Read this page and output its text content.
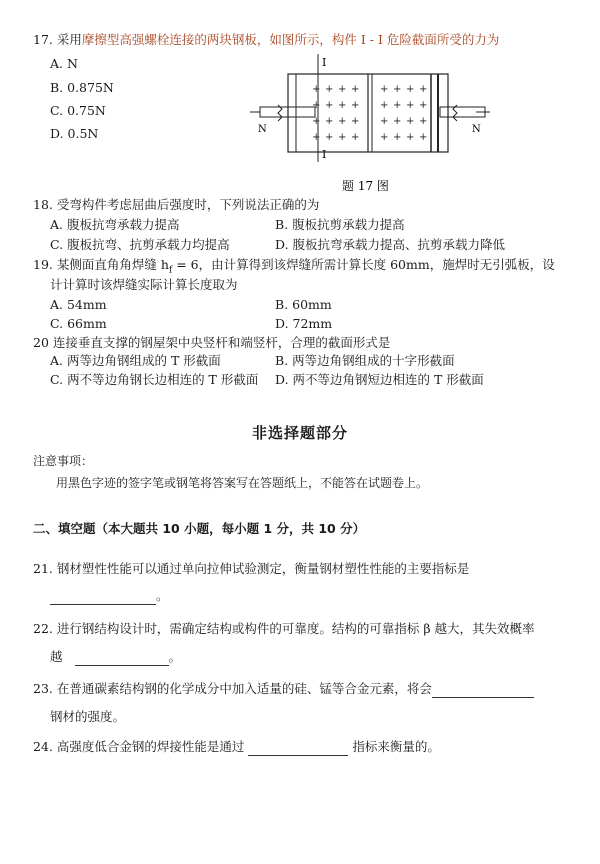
17. 采用摩擦型高强螺栓连接的两块钢板，如图所示，构件 I - I 危险截面所受的力为
A. N
B. 0.875N
C. 0.75N
D. 0.5N
I
I
+ + + +
+ + + +
+ + + +
+ + + +
+ + + +
+ + + +
+ + + +
+ + + +
N	N
题 17 图
18. 受弯构件考虑屈曲后强度时，下列说法正确的为
A. 腹板抗弯承载力提高	B. 腹板抗剪承载力提高
C. 腹板抗弯、抗剪承载力均提高	D. 腹板抗弯承载力提高、抗剪承载力降低
19. 某侧面直角角焊缝 $h_f = 6$，由计算得到该焊缝所需计算长度 60mm，施焊时无引弧板，设
计计算时该焊缝实际计算长度取为
A. 54mm	B. 60mm
C. 66mm	D. 72mm
20 连接垂直支撑的钢屋架中央竖杆和端竖杆，合理的截面形式是
A. 两等边角钢组成的 T 形截面	B. 两等边角钢组成的十字形截面
C. 两不等边角钢长边相连的 T 形截面 D. 两不等边角钢短边相连的 T 形截面
非选择题部分
注意事项：
用黑色字迹的签字笔或钢笔将答案写在答题纸上，不能答在试题卷上。
二、填空题（本大题共 10 小题，每小题 1 分，共 10 分）
21. 钢材塑性性能可以通过单向拉伸试验测定，衡量钢材塑性性能的主要指标是
。
22. 进行钢结构设计时，需确定结构或构件的可靠度。结构的可靠指标 β 越大，其失效概率
越	。
23. 在普通碳素结构钢的化学成分中加入适量的硅、锰等合金元素，将会
钢材的强度。
24. 高强度低合金钢的焊接性能是通过	指标来衡量的。
